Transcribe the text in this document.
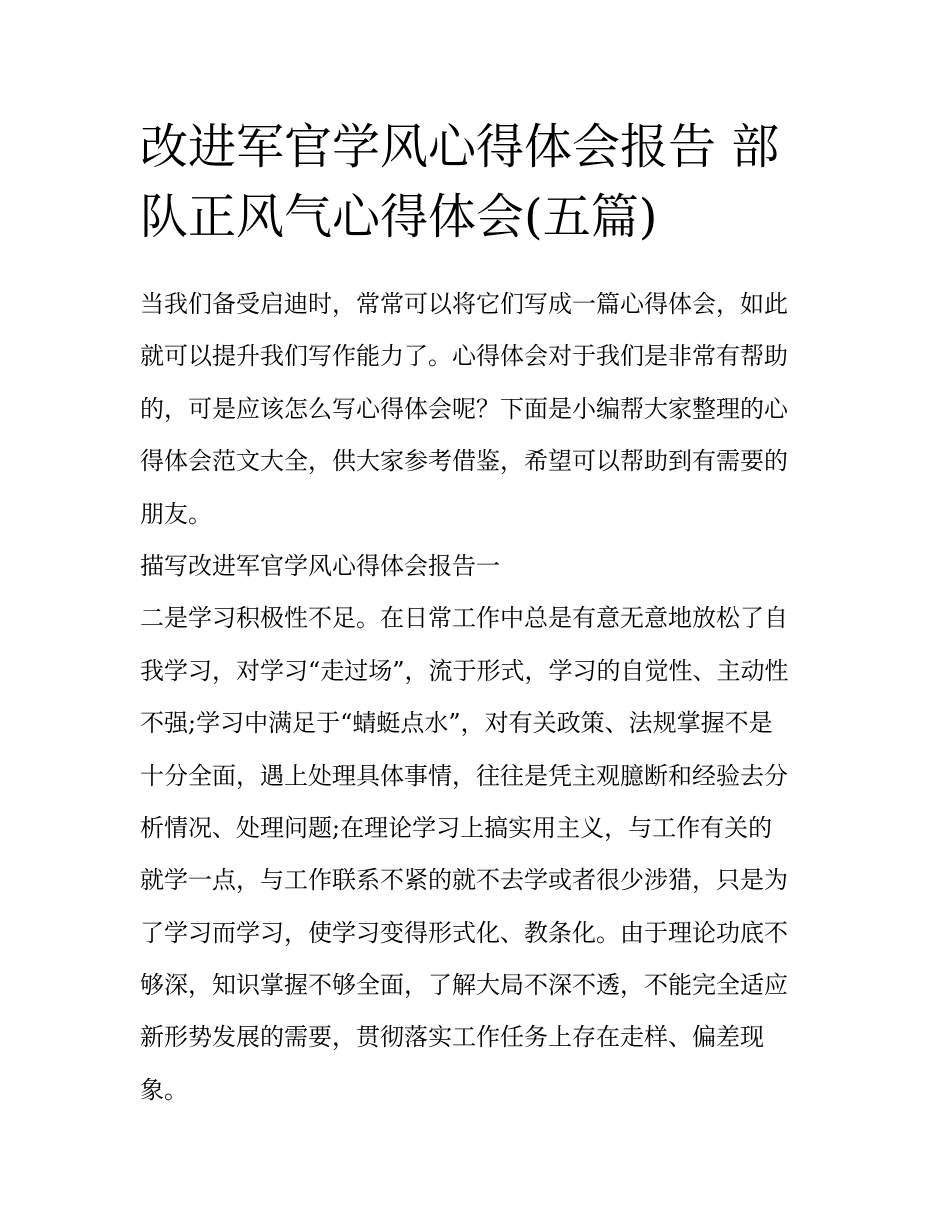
改进军官学风心得体会报告 部
队正风气心得体会(五篇)
当我们备受启迪时，常常可以将它们写成一篇心得体会，如此
就可以提升我们写作能力了。心得体会对于我们是非常有帮助
的，可是应该怎么写心得体会呢？下面是小编帮大家整理的心
得体会范文大全，供大家参考借鉴，希望可以帮助到有需要的
朋友。
描写改进军官学风心得体会报告一
二是学习积极性不足。在日常工作中总是有意无意地放松了自
我学习，对学习“走过场”，流于形式，学习的自觉性、主动性
不强;学习中满足于“蜻蜓点水”，对有关政策、法规掌握不是
十分全面，遇上处理具体事情，往往是凭主观臆断和经验去分
析情况、处理问题;在理论学习上搞实用主义，与工作有关的
就学一点，与工作联系不紧的就不去学或者很少涉猎，只是为
了学习而学习，使学习变得形式化、教条化。由于理论功底不
够深，知识掌握不够全面，了解大局不深不透，不能完全适应
新形势发展的需要，贯彻落实工作任务上存在走样、偏差现
象。
